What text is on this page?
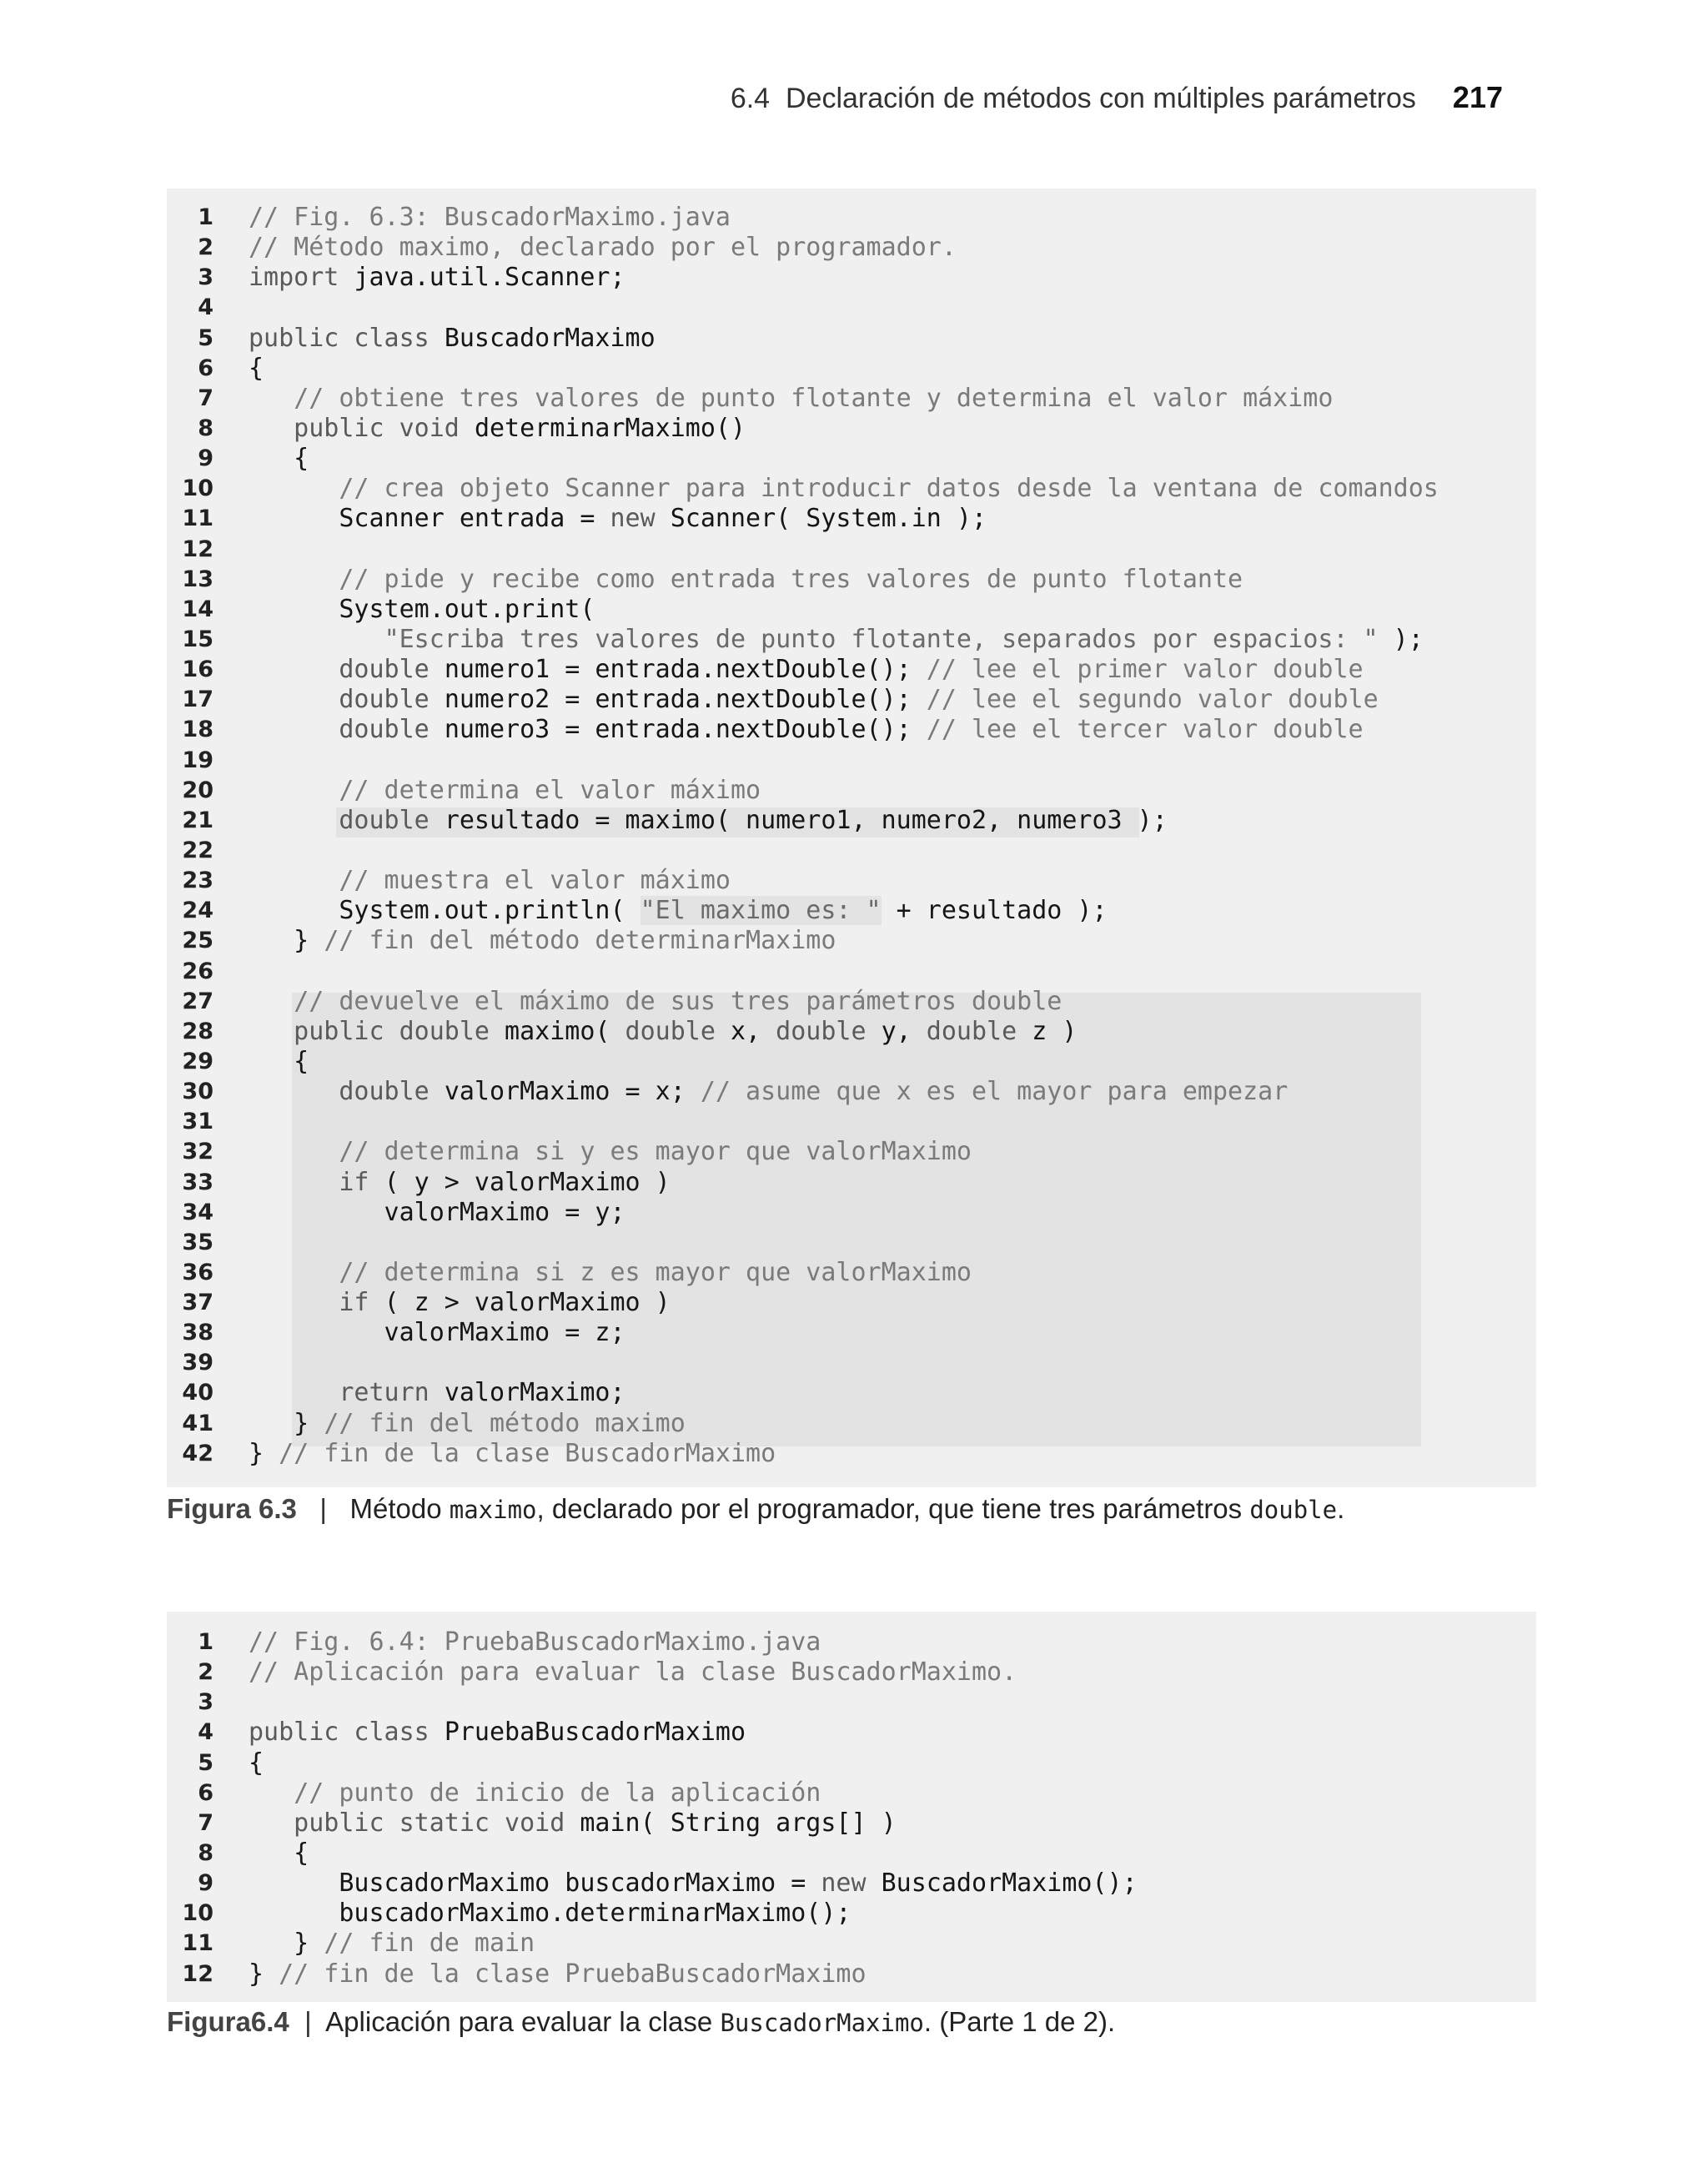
6.4 Declaración de métodos con múltiples parámetros 217
1 // Fig. 6.3: BuscadorMaximo.java
2 // Método maximo, declarado por el programador.
3 import java.util.Scanner;
4
5 public class BuscadorMaximo
6 {
7	// obtiene tres valores de punto flotante y determina el valor máximo
8 public void determinarMaximo()
9 {
10	// crea objeto Scanner para introducir datos desde la ventana de comandos
11 Scanner entrada = new Scanner( System.in );
12
13	// pide y recibe como entrada tres valores de punto flotante
14 System.out.print(
15	"Escriba tres valores de punto flotante, separados por espacios: " );
16 double numero1 = entrada.nextDouble(); // lee el primer valor double
17 double numero2 = entrada.nextDouble(); // lee el segundo valor double
18 double numero3 = entrada.nextDouble(); // lee el tercer valor double
19
20	// determina el valor máximo
21 double resultado = maximo( numero1, numero2, numero3 );
22
23	// muestra el valor máximo
24 System.out.println( "El maximo es: " + resultado );
25 } // fin del método determinarMaximo
26
27	// devuelve el máximo de sus tres parámetros double
28 public double maximo( double x, double y, double z )
29 {
30 double valorMaximo = x; // asume que x es el mayor para empezar
31
32	// determina si y es mayor que valorMaximo
33 if ( y > valorMaximo )
34 valorMaximo = y;
35
36	// determina si z es mayor que valorMaximo
37 if ( z > valorMaximo )
38 valorMaximo = z;
39
40 return valorMaximo;
41 } // fin del método maximo
42 } // fin de la clase BuscadorMaximo
Figura 6.3 | Método maximo, declarado por el programador, que tiene tres parámetros double.
1 // Fig. 6.4: PruebaBuscadorMaximo.java
2 // Aplicación para evaluar la clase BuscadorMaximo.
3
4 public class PruebaBuscadorMaximo
5 {
6	// punto de inicio de la aplicación
7 public static void main( String args[] )
8 {
9 BuscadorMaximo buscadorMaximo = new BuscadorMaximo();
10 buscadorMaximo.determinarMaximo();
11 } // fin de main
12 } // fin de la clase PruebaBuscadorMaximo
Figura6.4 | Aplicación para evaluar la clase BuscadorMaximo. (Parte 1 de 2).
